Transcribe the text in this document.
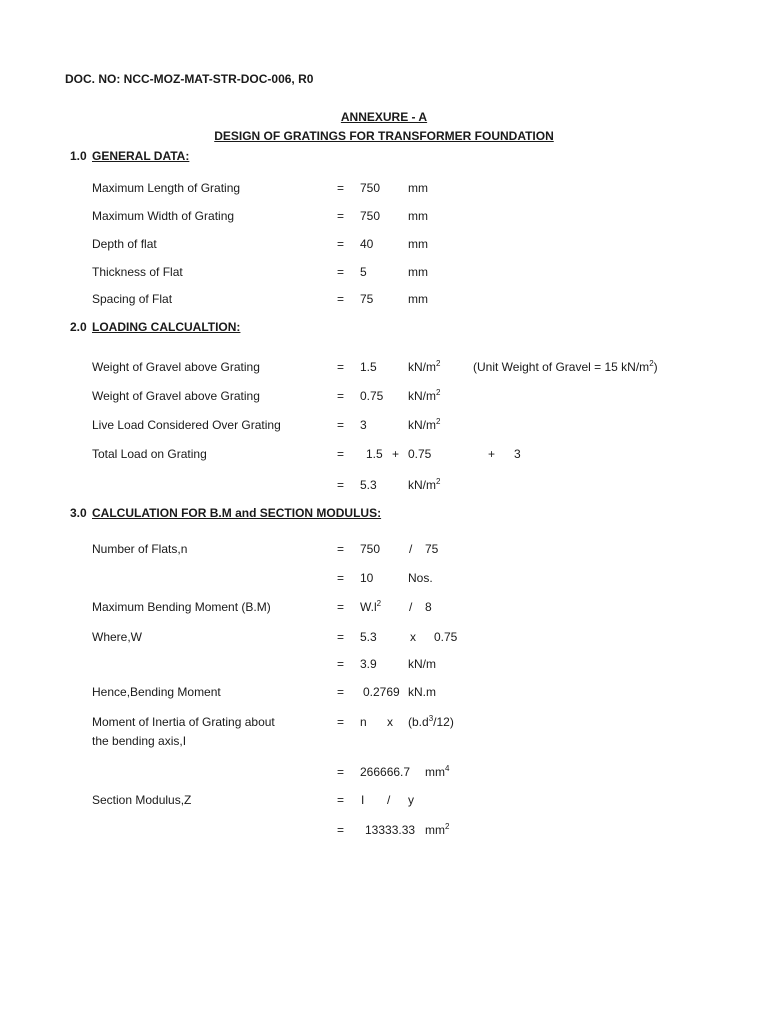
DOC. NO: NCC-MOZ-MAT-STR-DOC-006, R0
ANNEXURE - A
DESIGN OF GRATINGS FOR TRANSFORMER FOUNDATION
1.0 GENERAL DATA:
Maximum Length of Grating	= 750 mm
Maximum Width of Grating	= 750 mm
Depth of flat	= 40	mm
Thickness of Flat	= 5	mm
Spacing of Flat	= 75	mm
2.0 LOADING CALCUALTION:
Weight of Gravel above Grating	= 1.5	$kN/m^2$	(Unit Weight of Gravel = 15 $kN/m^2$)
Weight of Gravel above Grating	= 0.75 $kN/m^2$
Live Load Considered Over Grating	= 3	$kN/m^2$
Total Load on Grating	= 1.5 + 0.75	+ 3
= 5.3	$kN/m^2$
3.0 CALCULATION FOR B.M and SECTION MODULUS:
Number of Flats,n	= 750 / 75
= 10	Nos.
Maximum Bending Moment (B.M)	= $W.l^2 / 8$
Where,W	= 5.3	x 0.75
= 3.9	kN/m
Hence,Bending Moment	= 0.2769 kN.m
Moment of Inertia of Grating about
the bending axis,I
= n x $(b.d^3/12)$
= 266666.7 $mm^4$
Section Modulus,Z	= I / y
= 13333.33 $mm^2$
